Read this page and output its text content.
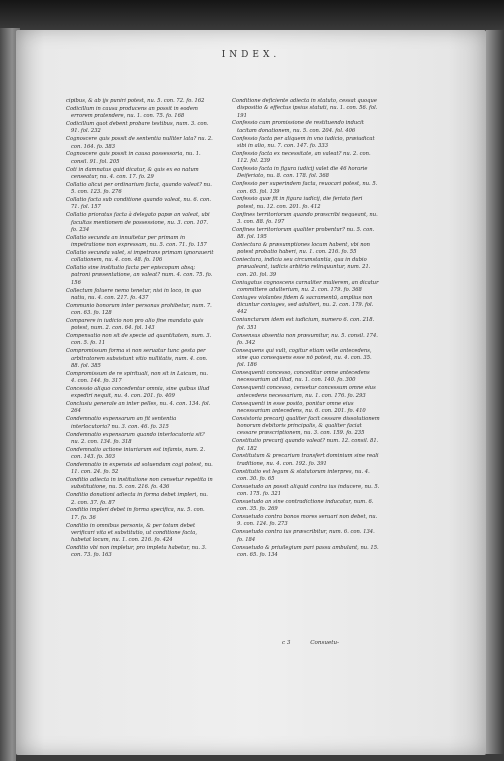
INDEX.

cipibus, & ab ijs puniri potest, nu. 5. con. 72. fo. 162

Codicillum in causa producens an possit in eodem errorem pratendere, nu. 1. con. 75. fo. 168

Codicillum quot debent probare testibus, num. 3. con. 91. fol. 232

Cognoscere quis possit de sententia nulliter lata? nu. 2. con. 164. fo. 383

Cognoscere quis possit in causa possessoria, nu. 1. consil. 91. fol. 205

Coti in damnatus quid dicatur, & quis ex eo natum censeatur, nu. 4. con. 17. fo. 29

Collatio alicui per ordinarium facta, quando valeat? nu. 5. con. 123. fo. 276

Collatio facta sub conditione quando valeat, nu. 6. con. 71. fol. 157

Collatio prioratus facta à delegato papæ an valeat, ubi facultas mentionem de possessione, nu. 3. con. 107. fo. 234

Collatio secunda an innuitetur per primam in impetratione non expressam, nu. 5. con. 71. fo. 157

Collatio secunda valet, si impetrans primam ignorauerit collationem, nu. 4. con. 48. fo. 106

Collatio sine institutio facta per episcopum absq; patroni præsentatione, an valeat? num. 4. con. 75. fo. 156

Collectum foluere nemo tenetur, nisi in loco, in quo natiu, nu. 4. con. 217. fo. 437

Communio bonorum inter personas prohibetur, num. 7. con. 63. fo. 128

Comparere in iudicio non pro alio fine mandato quis potest, num. 2. con. 64. fol. 143

Compensatio non sit de specie ad quantitatem, num. 3. con. 5. fo. 11

Compromissum forma si non seruatur tunc gesta per arbitratorem subsistunt vitio nullitatis, num. 4. con. 88. fol. 385

Compromissum de re spirituali, non sit in Laicum, nu. 4. con. 144. fo. 317

Concessio aliquo concedentur omnia, sine quibus illud expediri nequit, nu. 4. con. 201. fo. 409

Conclusiu generale an inter pelles, nu. 4. con. 134. fol. 264

Condemnatio expensarum an fit sententia interlocutoria? nu. 3. con. 46. fo. 315

Condemnatio expensarum quando interlocutoria sit? nu. 2. con. 134. fo. 318

Condemnatio actione iniuriarum est infamis, num. 2. con. 143. fo. 303

Condemnatio in expensis ad soluendum cogi potest, nu. 11. con. 24. fo. 52

Conditio adiecta in institutione non censetur repetita in substitutione, nu. 5. con. 216. fo. 436

Conditio donationi adiecta in forma debet impleri, nu. 2. con. 37. fo. 87

Conditio impleri debet in forma specifica, nu. 5. con. 17. fo. 36

Conditio in omnibus personis, & per totum debet verificari vita et substitutio, ut conditione facta, habetat locum, nu. 1. con. 216. fo. 424

Conditio vbi non impletur, pro impleta habetur, nu. 3. con. 73. fo. 163

Conditione deficiente adiecta in statuto, cessat quoque dispositio & effectus ipsius statuti, nu. 1. con. 56. fol. 191

Confessio cum promissione de restituendo inducit tacitam donationem, nu. 5. con. 204. fol. 406

Confessio facta per aliquem in vno iudicio, præiudicat sibi in alio, nu. 7. con. 147. fo. 333

Confessio facta ex necessitate, an valeat? nu. 2. con. 112. fol. 239

Confessio facta in figura iudicij valet die 46 horarie Deiferiato, nu. 8. con. 178. fol. 368

Confessio per superindem facta, reuocari potest, nu. 5. con. 65. fol. 139

Confessio quæ fit in figura iudicij, die feriato fieri potest, nu. 12. con. 201. fo. 412

Confines territoriorum quando præscribi nequeant, nu. 3. con. 88. fo. 197

Confines territoriorum qualiter probentur? nu. 5. con. 88. fol. 195

Coniectura & præsumptiones locum habent, vbi non potest probatio haberi, nu. 1. con. 216. fo. 55

Coniectura, indicia seu circumstantia, qua in dubio præualeant, iudicis arbitrio relinquuntur, num. 21. con. 20. fol. 39

Coniugatus cognoscens carnaliter mulierem, an dicatur committere adulterium, nu. 2. con. 179. fo. 368

Coniuges violantes fidem & sacramentū, amplius non dicuntur coniuges, sed adulteri, nu. 2. con. 179. fol. 442

Coniunctarum idem est iudicium, numero 6. con. 218. fol. 351

Consensus absentia non præsumitur, nu. 5. consil. 174. fo. 342

Consequens qui vult, cogitur etiam velle antecedens, sine quo consequens esse nō potest, nu. 4. con. 35. fol. 186

Consequenti concesso, conceditur omne antecedens necessarium ad illud, nu. 1. con. 140. fo. 300

Consequenti concesso, censetur concessum omne eius antecedens necessarium, nu. 1. con. 176. fo. 293

Consequenti in esse posito, ponitur omne eius necessarium antecedens, nu. 6. con. 201. fo. 410

Consistoria precarij qualiter facit cessare dissolutionem bonorum debitoris principalis, & qualiter faciat cessare præscriptionem, nu. 3. con. 159. fo. 235

Constitutio precarij quando valeat? num. 12. consil. 81. fol. 182

Constitutum & precarium transfert dominium sine reali traditione, nu. 4. con. 192. fo. 391

Constitutio est legum & statutorum interpres, nu. 4. con. 30. fo. 65

Consuetudo an possit aliquid contra ius inducere, nu. 5. con. 175. fo. 321

Consuetudo an sine contradictione inducatur, num. 6. con. 35. fo. 269

Consuetudo contra bonos mores seruari non debet, nu. 9. con. 124. fo. 273

Consuetudo contra ius præscribitur, num. 6. con. 134. fo. 184

Consuetudo & priuilegium pari passu ambulant, nu. 15. con. 65. fo. 134

c 3	Consuetu-
